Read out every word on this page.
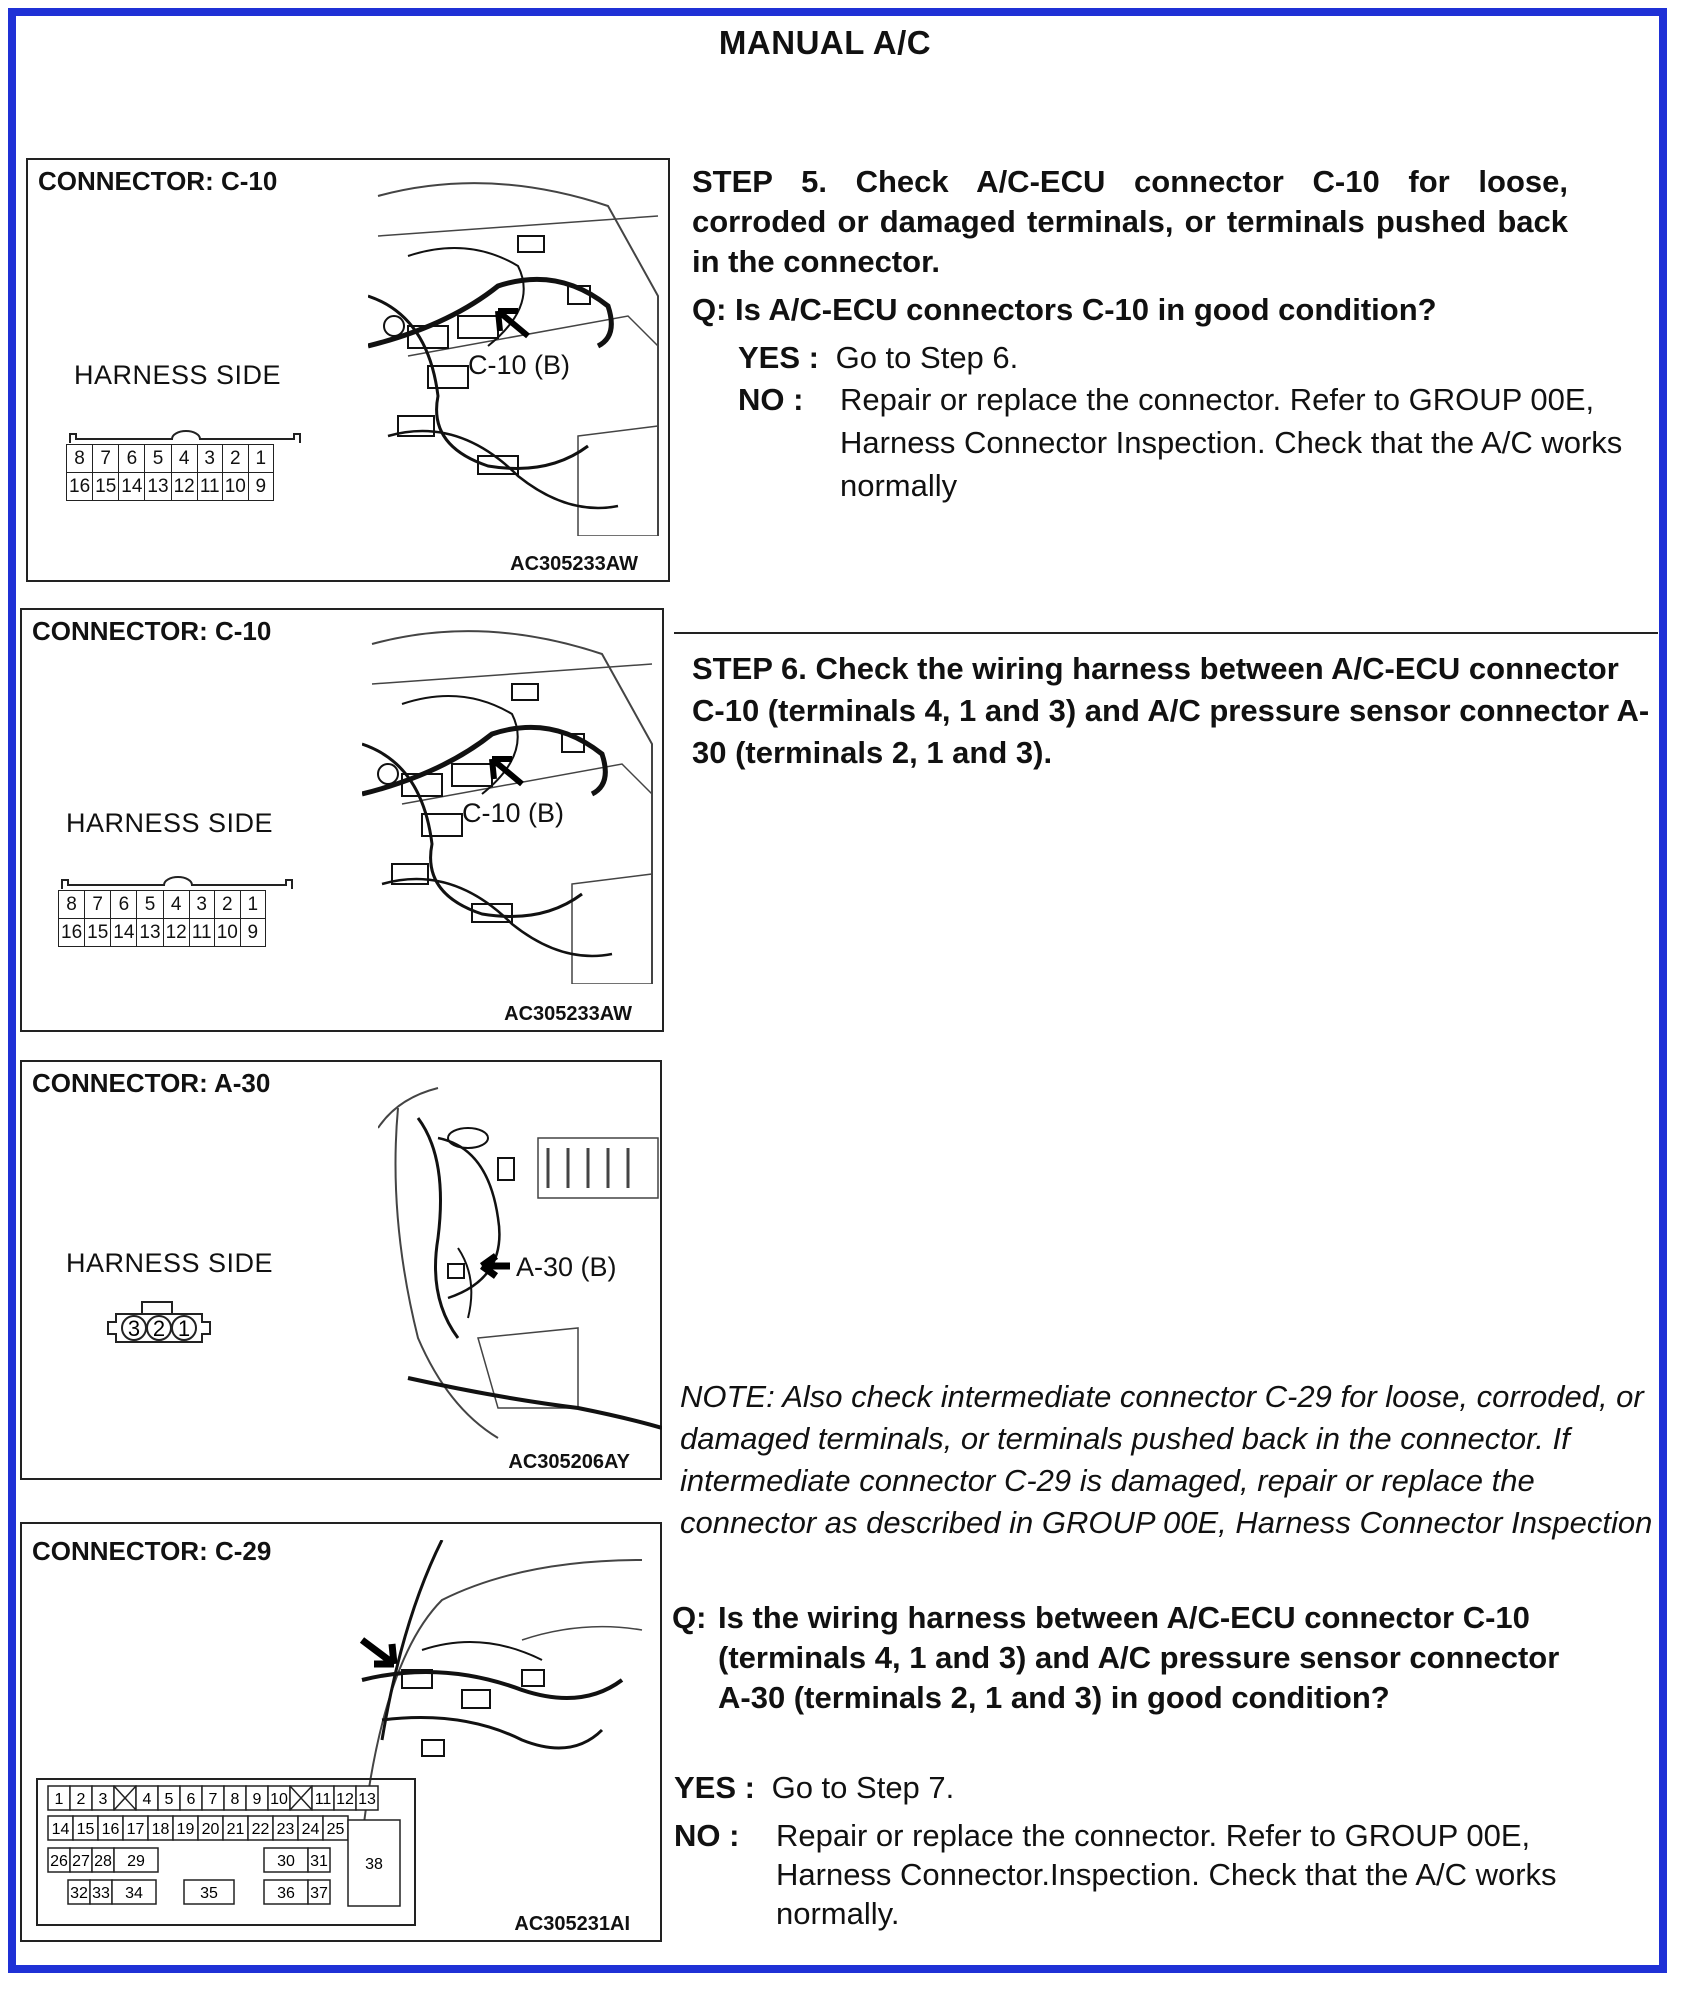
MANUAL A/C
CONNECTOR: C-10
HARNESS SIDE
8	7	6	5	4	3	2	1
16	15	14	13	12	11	10	9
C-10 (B)
AC305233AW
CONNECTOR: C-10
HARNESS SIDE
8	7	6	5	4	3	2	1
16	15	14	13	12	11	10	9
C-10 (B)
AC305233AW
CONNECTOR: A-30
HARNESS SIDE
3 2 1
A-30 (B)
AC305206AY
CONNECTOR: C-29
1 2 3 4 5 6 7 8 9 10 11 12 13
14 15 16 17 18 19 20 21 22 23 24 25
26 27 28 29	30 31
32 33 34	35	36 37
38
AC305231AI
STEP 5. Check A/C-ECU connector C-10 for loose, corroded or damaged terminals, or terminals pushed back in the connector.
Q: Is A/C-ECU connectors C-10 in good condition?
YES : Go to Step 6.
NO : Repair or replace the connector. Refer to GROUP 00E, Harness Connector Inspection. Check that the A/C works normally
STEP 6. Check the wiring harness between A/C-ECU connector C-10 (terminals 4, 1 and 3) and A/C pressure sensor connector A-30 (terminals 2, 1 and 3).
NOTE: Also check intermediate connector C-29 for loose, corroded, or damaged terminals, or terminals pushed back in the connector. If intermediate connector C-29 is damaged, repair or replace the connector as described in GROUP 00E, Harness Connector Inspection
Q: Is the wiring harness between A/C-ECU connector C-10 (terminals 4, 1 and 3) and A/C pressure sensor connector A-30 (terminals 2, 1 and 3) in good condition?
YES : Go to Step 7.
NO : Repair or replace the connector. Refer to GROUP 00E, Harness Connector.Inspection. Check that the A/C works normally.
